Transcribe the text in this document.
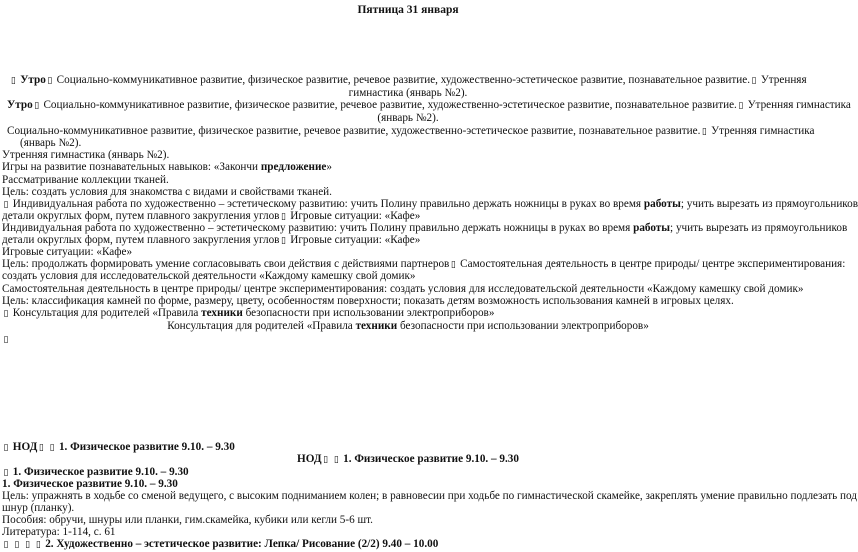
Пятница 31 января
▯ Утро ▯ Социально-коммуникативное развитие, физическое развитие, речевое развитие, художественно-эстетическое развитие, познавательное развитие. ▯ Утренняя
гимнастика (январь №2).
Утро ▯ Социально-коммуникативное развитие, физическое развитие, речевое развитие, художественно-эстетическое развитие, познавательное развитие. ▯ Утренняя гимнастика
(январь №2).
Социально-коммуникативное развитие, физическое развитие, речевое развитие, художественно-эстетическое развитие, познавательное развитие. ▯ Утренняя гимнастика
(январь №2).
Утренняя гимнастика (январь №2).
Игры на развитие познавательных навыков: «Закончи предложение»
Рассматривание коллекции тканей.
Цель: создать условия для знакомства с видами и свойствами тканей.
▯ Индивидуальная работа по художественно – эстетическому развитию: учить Полину правильно держать ножницы в руках во время работы; учить вырезать из прямоугольников
детали округлых форм, путем плавного закругления углов ▯ Игровые ситуации: «Кафе»
Индивидуальная работа по художественно – эстетическому развитию: учить Полину правильно держать ножницы в руках во время работы; учить вырезать из прямоугольников
детали округлых форм, путем плавного закругления углов ▯ Игровые ситуации: «Кафе»
Игровые ситуации: «Кафе»
Цель: продолжать формировать умение согласовывать свои действия с действиями партнеров ▯ Самостоятельная деятельность в центре природы/ центре экспериментирования:
создать условия для исследовательской деятельности «Каждому камешку свой домик»
Самостоятельная деятельность в центре природы/ центре экспериментирования: создать условия для исследовательской деятельности «Каждому камешку свой домик»
Цель: классификация камней по форме, размеру, цвету, особенностям поверхности; показать детям возможность использования камней в игровых целях.
▯ Консультация для родителей «Правила техники безопасности при использовании электроприборов»
Консультация для родителей «Правила техники безопасности при использовании электроприборов»
▯
▯ НОД ▯ ▯ 1. Физическое развитие 9.10. – 9.30
НОД ▯ ▯ 1. Физическое развитие 9.10. – 9.30
▯ 1. Физическое развитие 9.10. – 9.30
1. Физическое развитие 9.10. – 9.30
Цель: упражнять в ходьбе со сменой ведущего, с высоким подниманием колен; в равновесии при ходьбе по гимнастической скамейке, закреплять умение правильно подлезать под
шнур (планку).
Пособия: обручи, шнуры или планки, гим.скамейка, кубики или кегли 5-6 шт.
Литература: 1-114, с. 61
▯ ▯ ▯ ▯ 2. Художественно – эстетическое развитие: Лепка/ Рисование (2/2) 9.40 – 10.00
